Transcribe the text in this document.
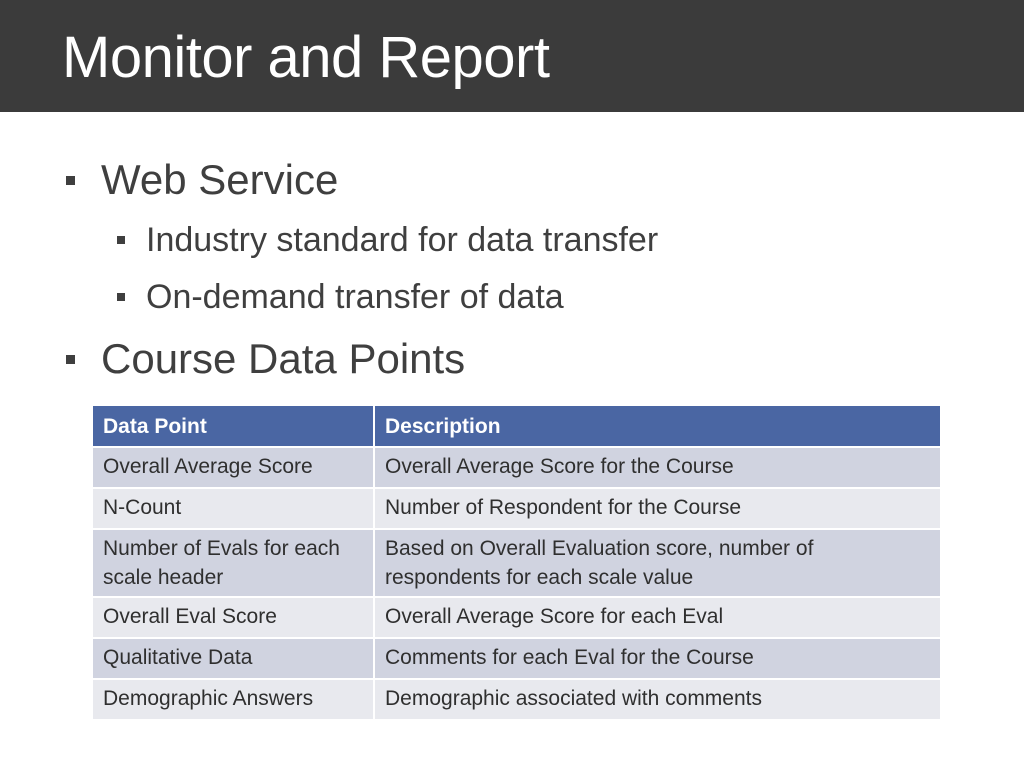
Monitor and Report
Web Service
Industry standard for data transfer
On-demand transfer of data
Course Data Points
Data Point	Description
Overall Average Score	Overall Average Score for the Course
N-Count	Number of Respondent for the Course
Number of Evals for each scale header	Based on Overall Evaluation score, number of respondents for each scale value
Overall Eval Score	Overall Average Score for each Eval
Qualitative Data	Comments for each Eval for the Course
Demographic Answers	Demographic associated with comments
